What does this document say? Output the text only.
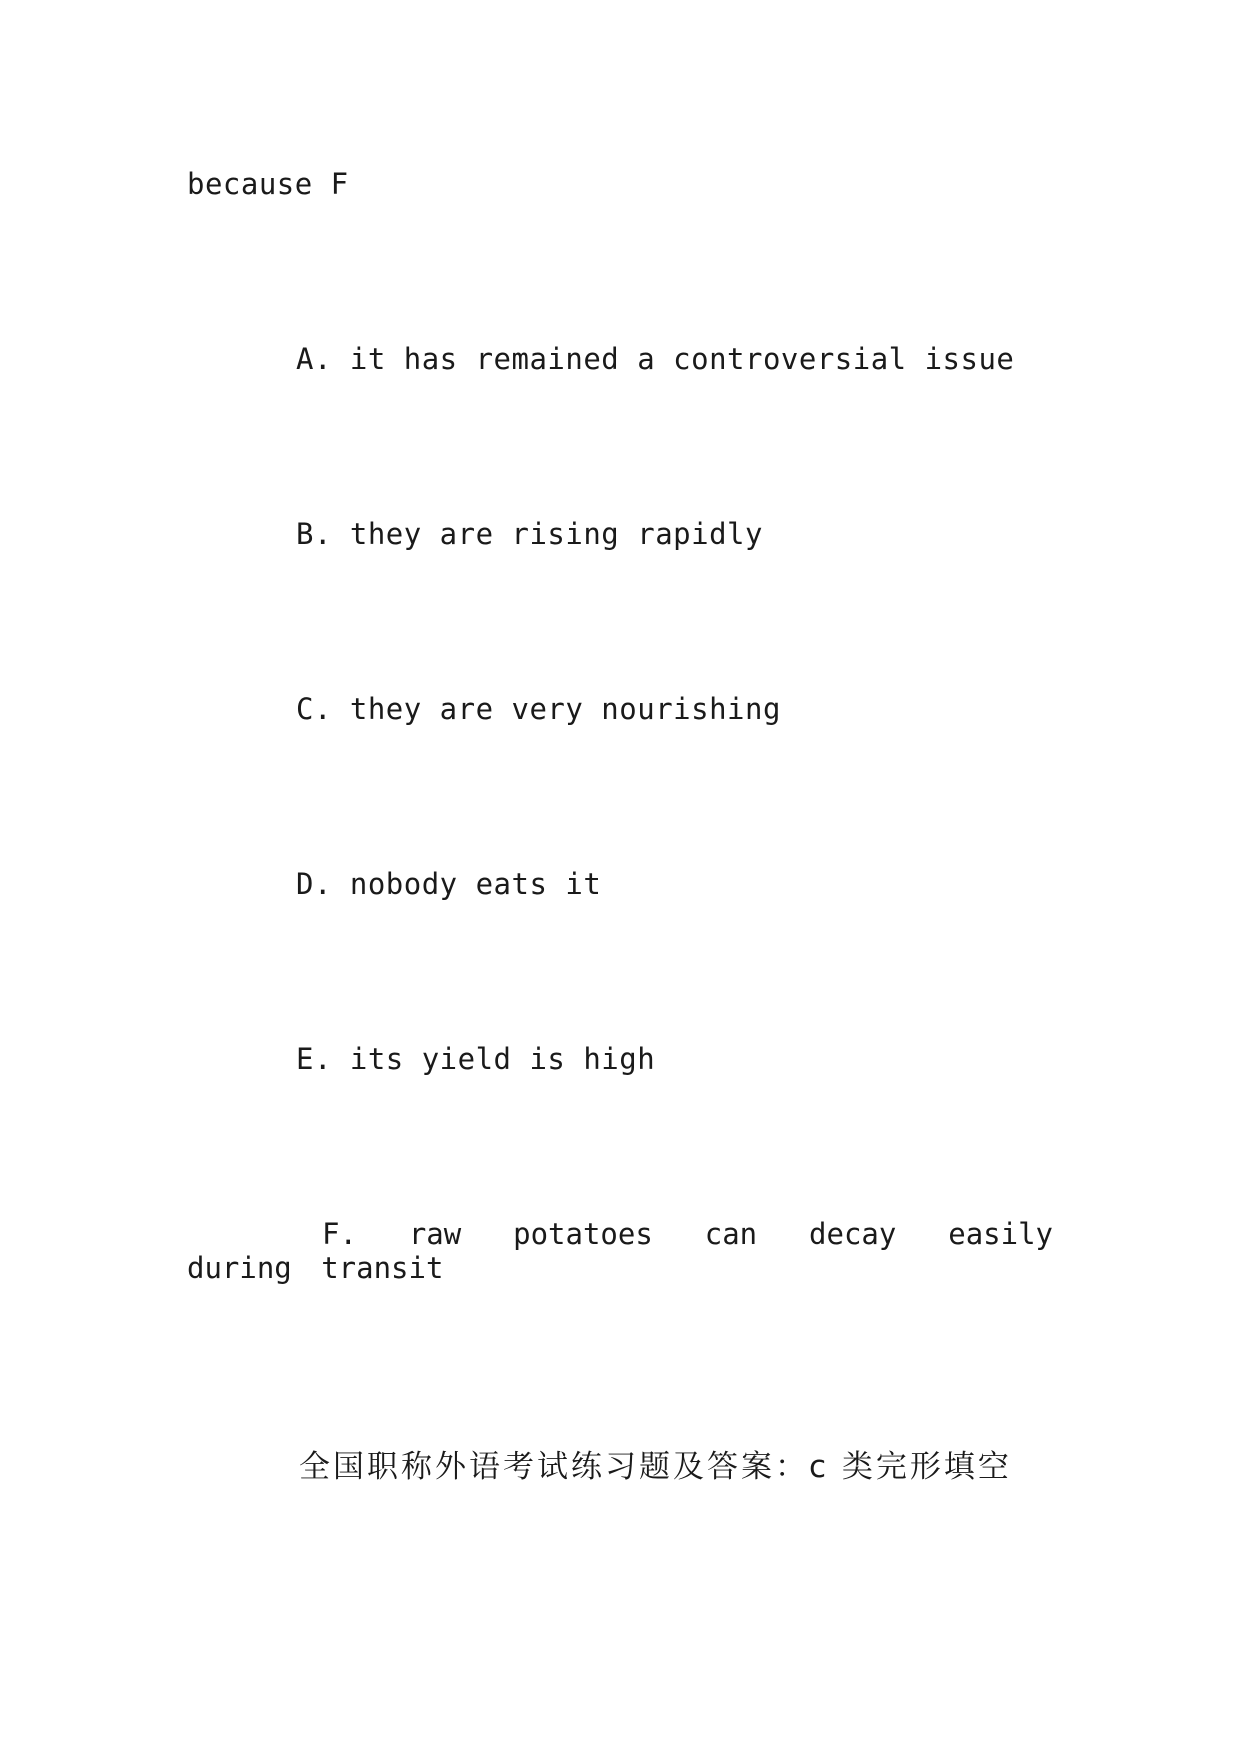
because F
A. it has remained a controversial issue
B. they are rising rapidly
C. they are very nourishing
D. nobody eats it
E. its yield is high
F. raw potatoes can decay easily during transit
全国职称外语考试练习题及答案：c 类完形填空
